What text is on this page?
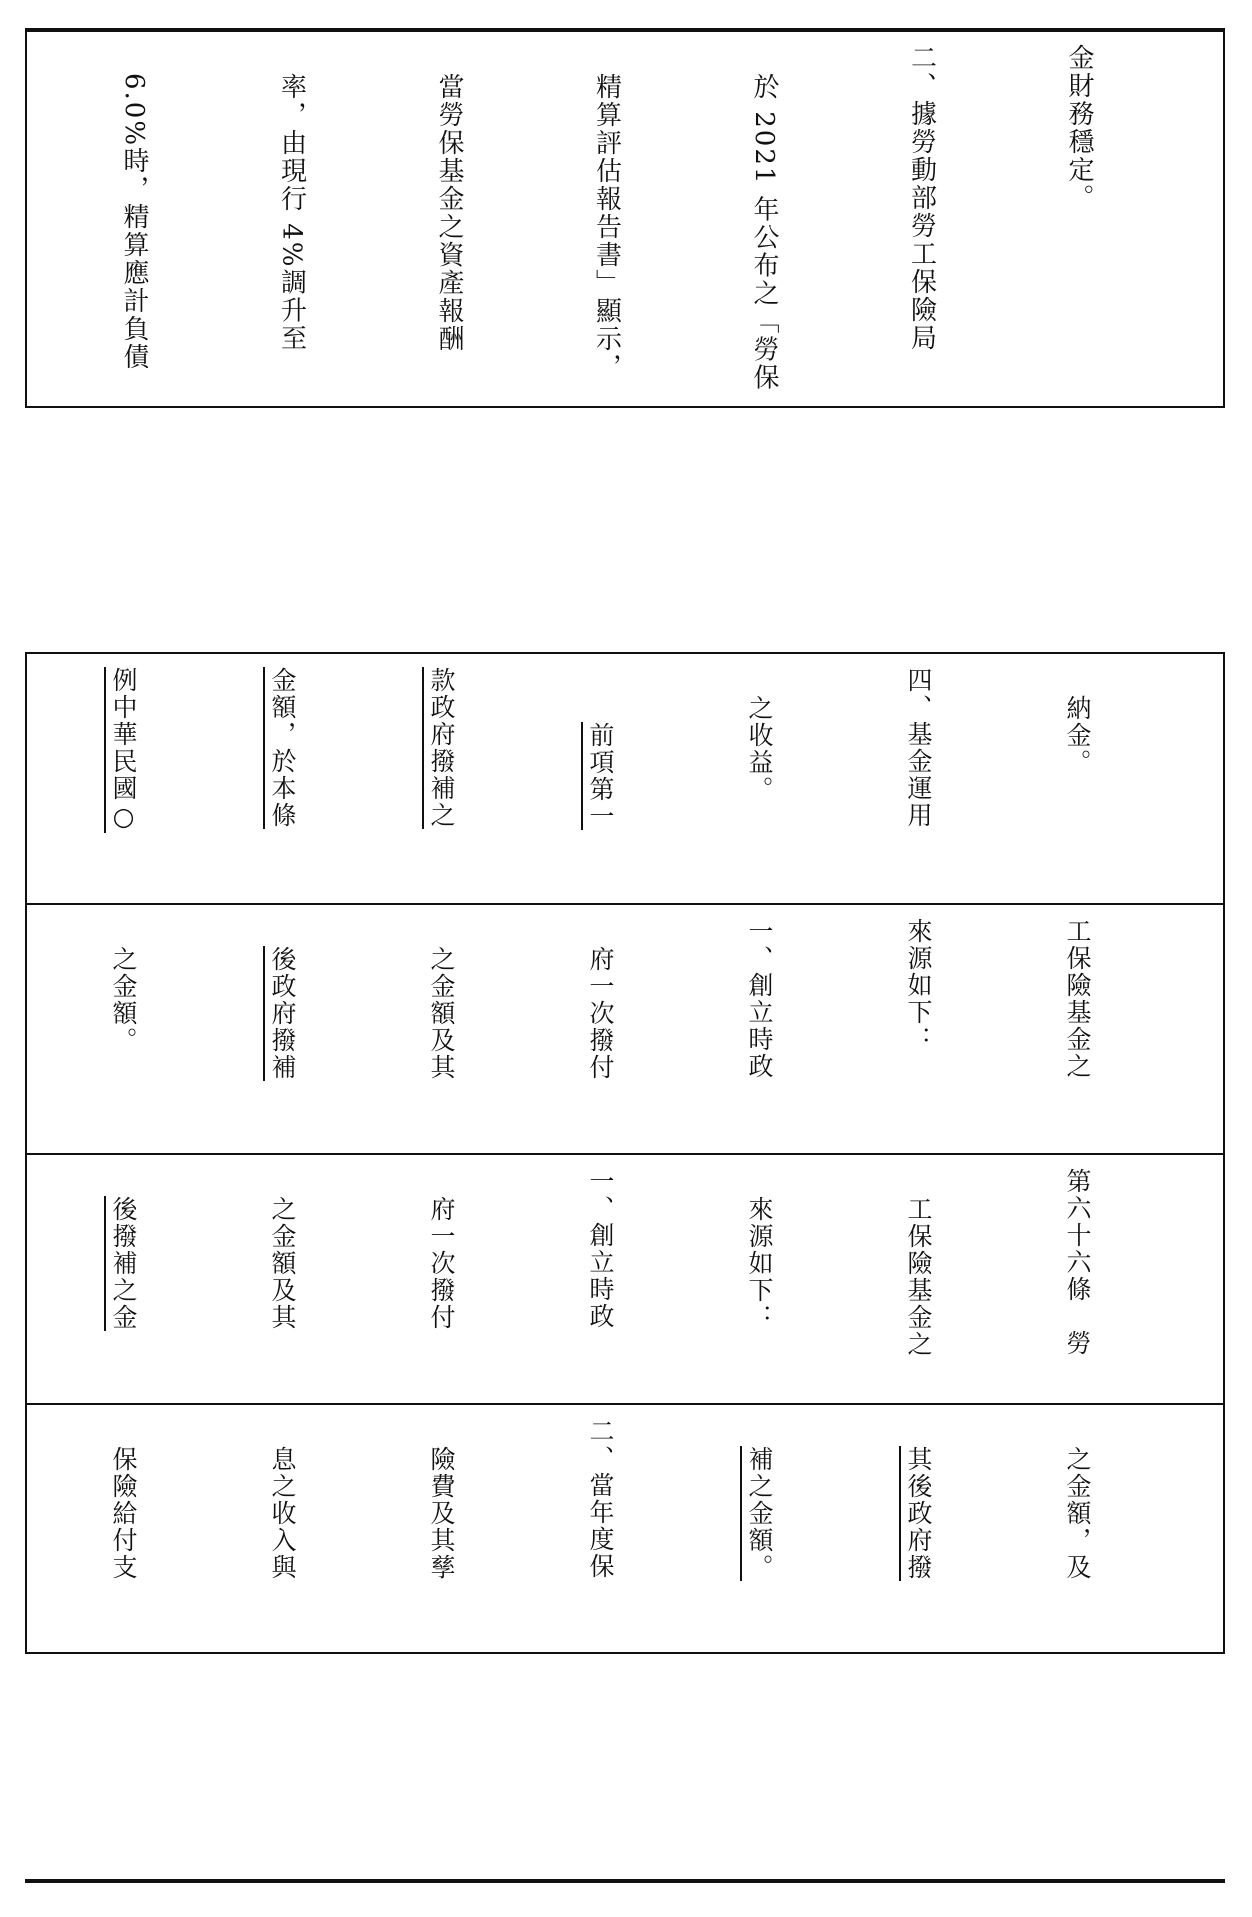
金財務穩定。

二、據勞動部勞工保險局

於 2021 年公布之「勞保

精算評估報告書」顯示，

當勞保基金之資產報酬

率，由現行 4%調升至

6.0%時，精算應計負債

納金。

四、基金運用

之收益。

前項第一

款政府撥補之

金額，於本條

例中華民國○

工保險基金之

來源如下：

一、創立時政

府一次撥付

之金額及其

後政府撥補

之金額。

第六十六條　勞

工保險基金之

來源如下：

一、創立時政

府一次撥付

之金額及其

後撥補之金

之金額，及

其後政府撥

補之金額。

二、當年度保

險費及其孳

息之收入與

保險給付支
